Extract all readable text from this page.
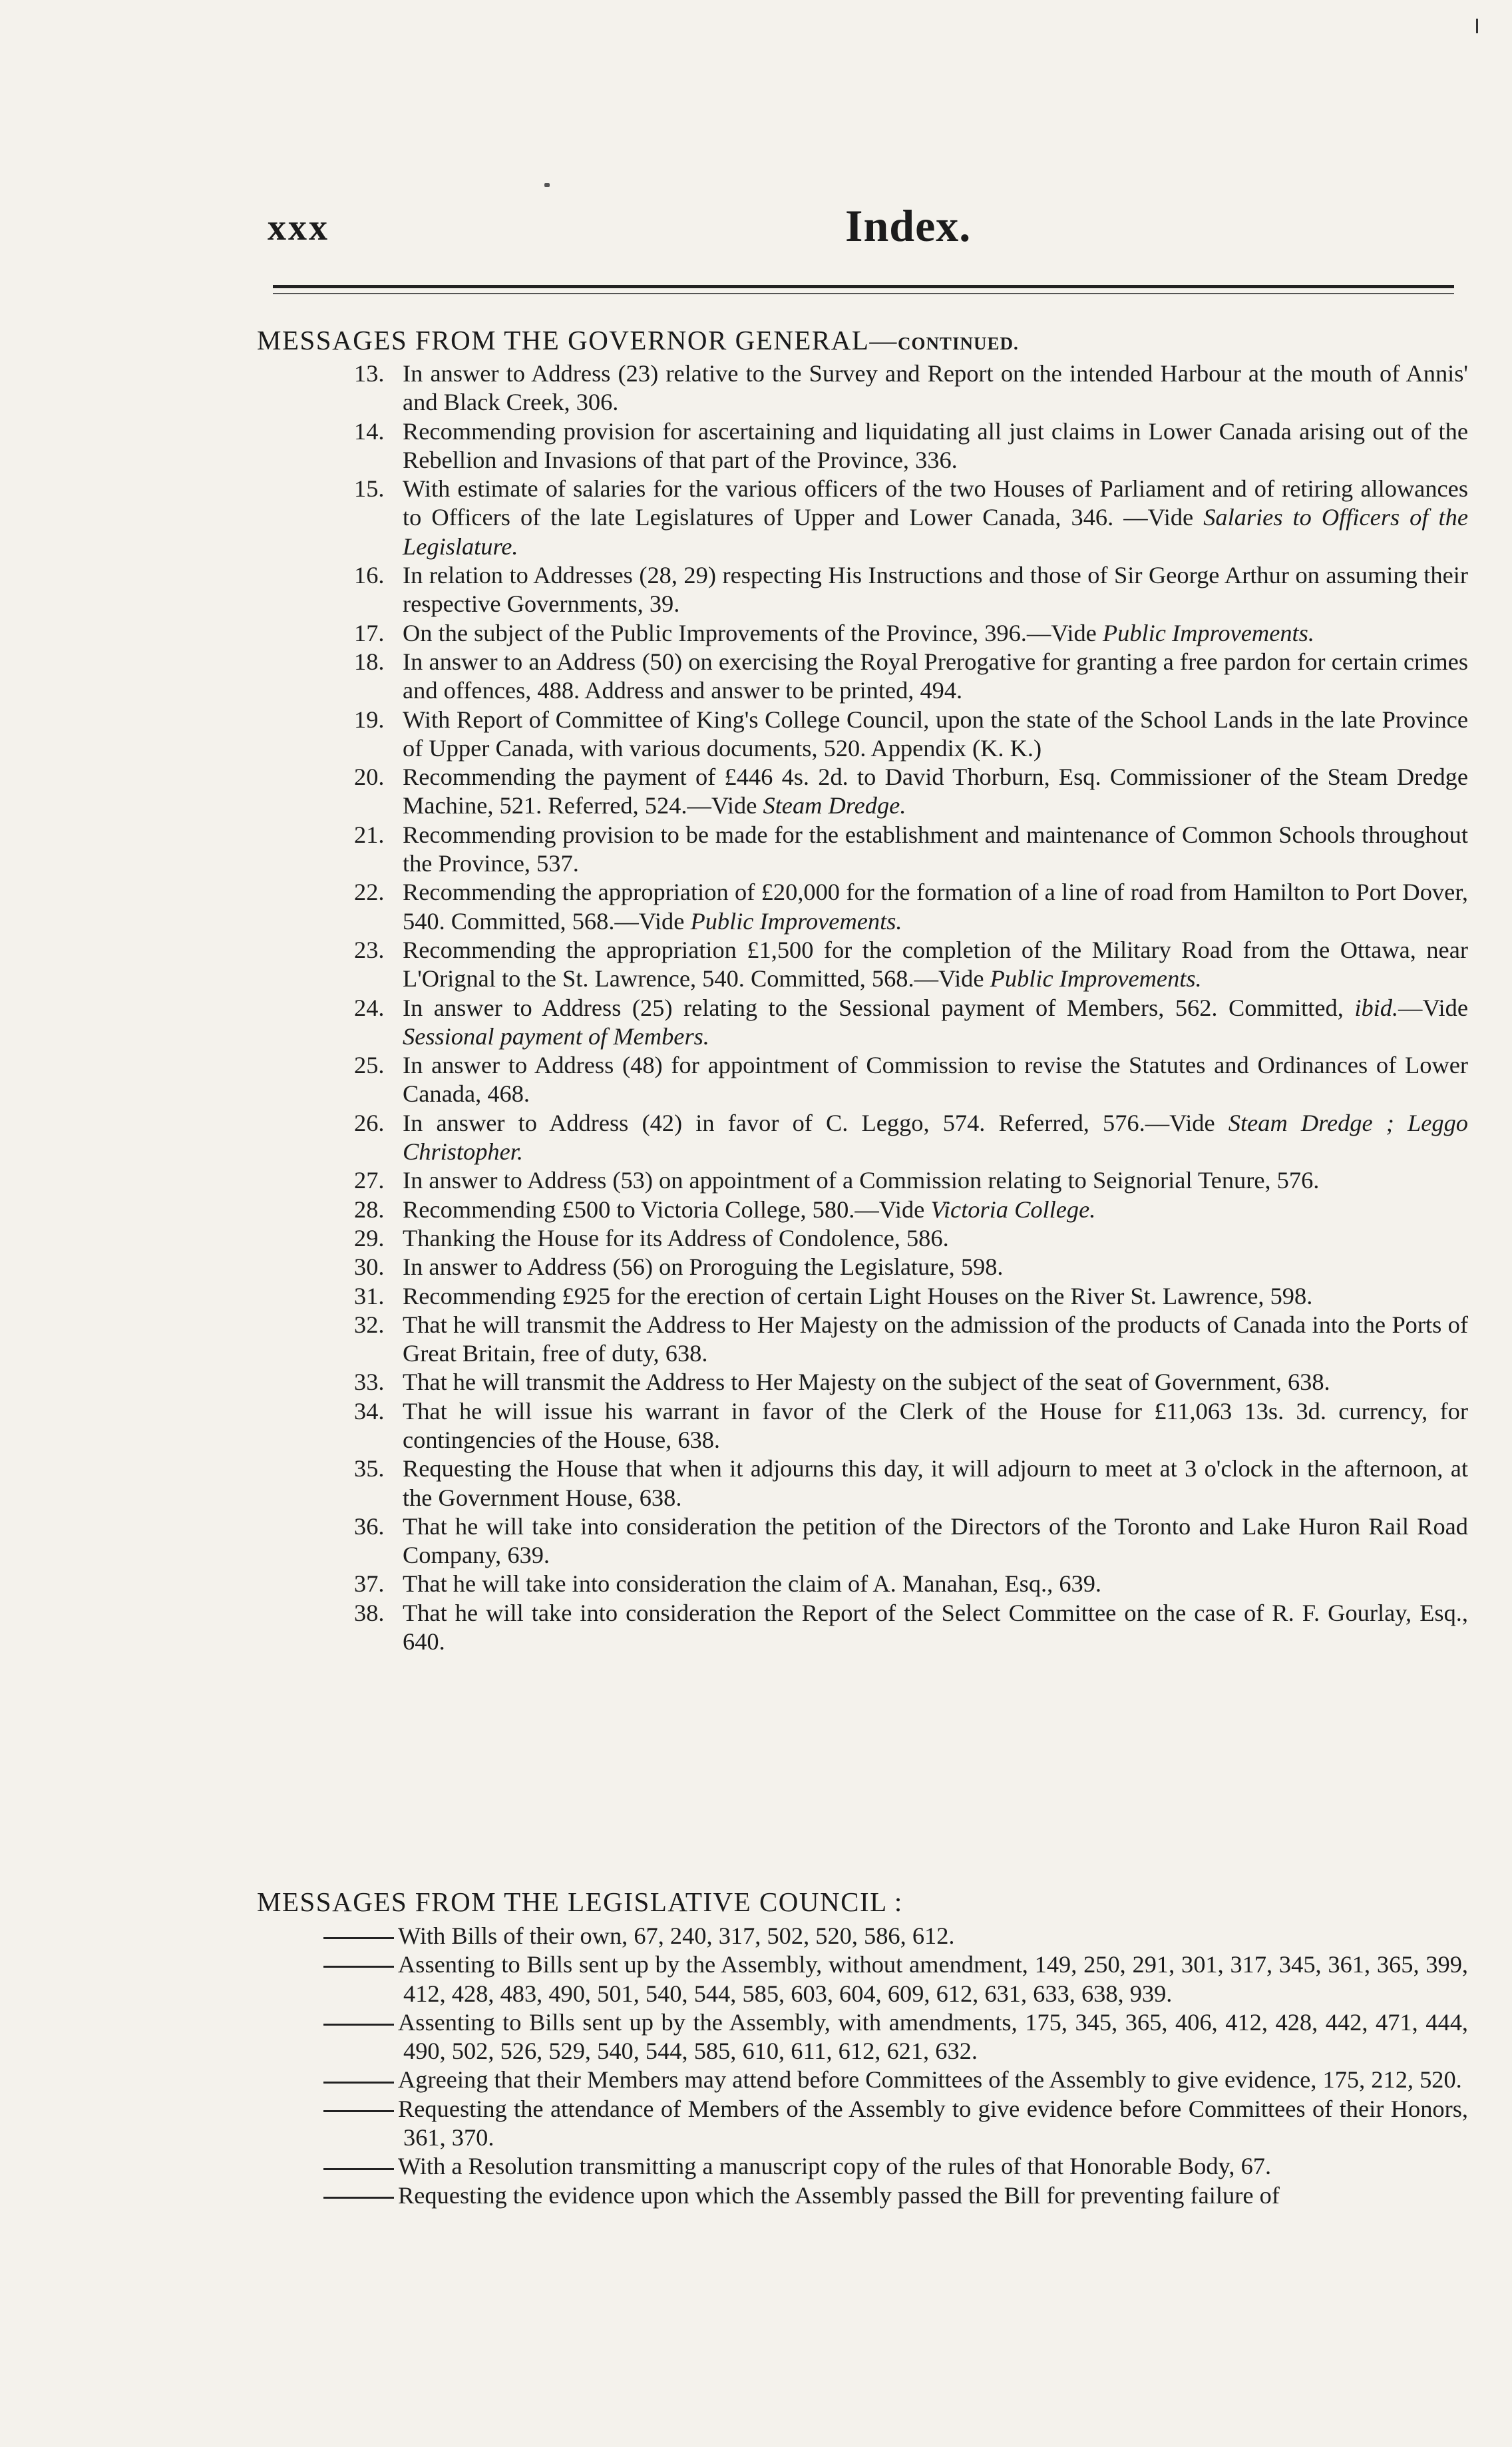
xxx	Index.

MESSAGES FROM THE GOVERNOR GENERAL—CONTINUED.

13. In answer to Address (23) relative to the Survey and Report on the intended Harbour at the mouth of Annis' and Black Creek, 306.

14. Recommending provision for ascertaining and liquidating all just claims in Lower Canada arising out of the Rebellion and Invasions of that part of the Province, 336.

15. With estimate of salaries for the various officers of the two Houses of Parliament and of retiring allowances to Officers of the late Legislatures of Upper and Lower Canada, 346. —Vide Salaries to Officers of the Legislature.

16. In relation to Addresses (28, 29) respecting His Instructions and those of Sir George Arthur on assuming their respective Governments, 39.

17. On the subject of the Public Improvements of the Province, 396.—Vide Public Improvements.

18. In answer to an Address (50) on exercising the Royal Prerogative for granting a free pardon for certain crimes and offences, 488. Address and answer to be printed, 494.

19. With Report of Committee of King's College Council, upon the state of the School Lands in the late Province of Upper Canada, with various documents, 520. Appendix (K. K.)

20. Recommending the payment of £446 4s. 2d. to David Thorburn, Esq. Commissioner of the Steam Dredge Machine, 521. Referred, 524.—Vide Steam Dredge.

21. Recommending provision to be made for the establishment and maintenance of Common Schools throughout the Province, 537.

22. Recommending the appropriation of £20,000 for the formation of a line of road from Hamilton to Port Dover, 540. Committed, 568.—Vide Public Improvements.

23. Recommending the appropriation £1,500 for the completion of the Military Road from the Ottawa, near L'Orignal to the St. Lawrence, 540. Committed, 568.—Vide Public Improvements.

24. In answer to Address (25) relating to the Sessional payment of Members, 562. Committed, ibid.—Vide Sessional payment of Members.

25. In answer to Address (48) for appointment of Commission to revise the Statutes and Ordinances of Lower Canada, 468.

26. In answer to Address (42) in favor of C. Leggo, 574. Referred, 576.—Vide Steam Dredge ; Leggo Christopher.

27. In answer to Address (53) on appointment of a Commission relating to Seignorial Tenure, 576.

28. Recommending £500 to Victoria College, 580.—Vide Victoria College.

29. Thanking the House for its Address of Condolence, 586.

30. In answer to Address (56) on Proroguing the Legislature, 598.

31. Recommending £925 for the erection of certain Light Houses on the River St. Lawrence, 598.

32. That he will transmit the Address to Her Majesty on the admission of the products of Canada into the Ports of Great Britain, free of duty, 638.

33. That he will transmit the Address to Her Majesty on the subject of the seat of Government, 638.

34. That he will issue his warrant in favor of the Clerk of the House for £11,063 13s. 3d. currency, for contingencies of the House, 638.

35. Requesting the House that when it adjourns this day, it will adjourn to meet at 3 o'clock in the afternoon, at the Government House, 638.

36. That he will take into consideration the petition of the Directors of the Toronto and Lake Huron Rail Road Company, 639.

37. That he will take into consideration the claim of A. Manahan, Esq., 639.

38. That he will take into consideration the Report of the Select Committee on the case of R. F. Gourlay, Esq., 640.

MESSAGES FROM THE LEGISLATIVE COUNCIL :

With Bills of their own, 67, 240, 317, 502, 520, 586, 612.

Assenting to Bills sent up by the Assembly, without amendment, 149, 250, 291, 301, 317, 345, 361, 365, 399, 412, 428, 483, 490, 501, 540, 544, 585, 603, 604, 609, 612, 631, 633, 638, 939.

Assenting to Bills sent up by the Assembly, with amendments, 175, 345, 365, 406, 412, 428, 442, 471, 444, 490, 502, 526, 529, 540, 544, 585, 610, 611, 612, 621, 632.

Agreeing that their Members may attend before Committees of the Assembly to give evidence, 175, 212, 520.

Requesting the attendance of Members of the Assembly to give evidence before Committees of their Honors, 361, 370.

With a Resolution transmitting a manuscript copy of the rules of that Honorable Body, 67.

Requesting the evidence upon which the Assembly passed the Bill for preventing failure of
